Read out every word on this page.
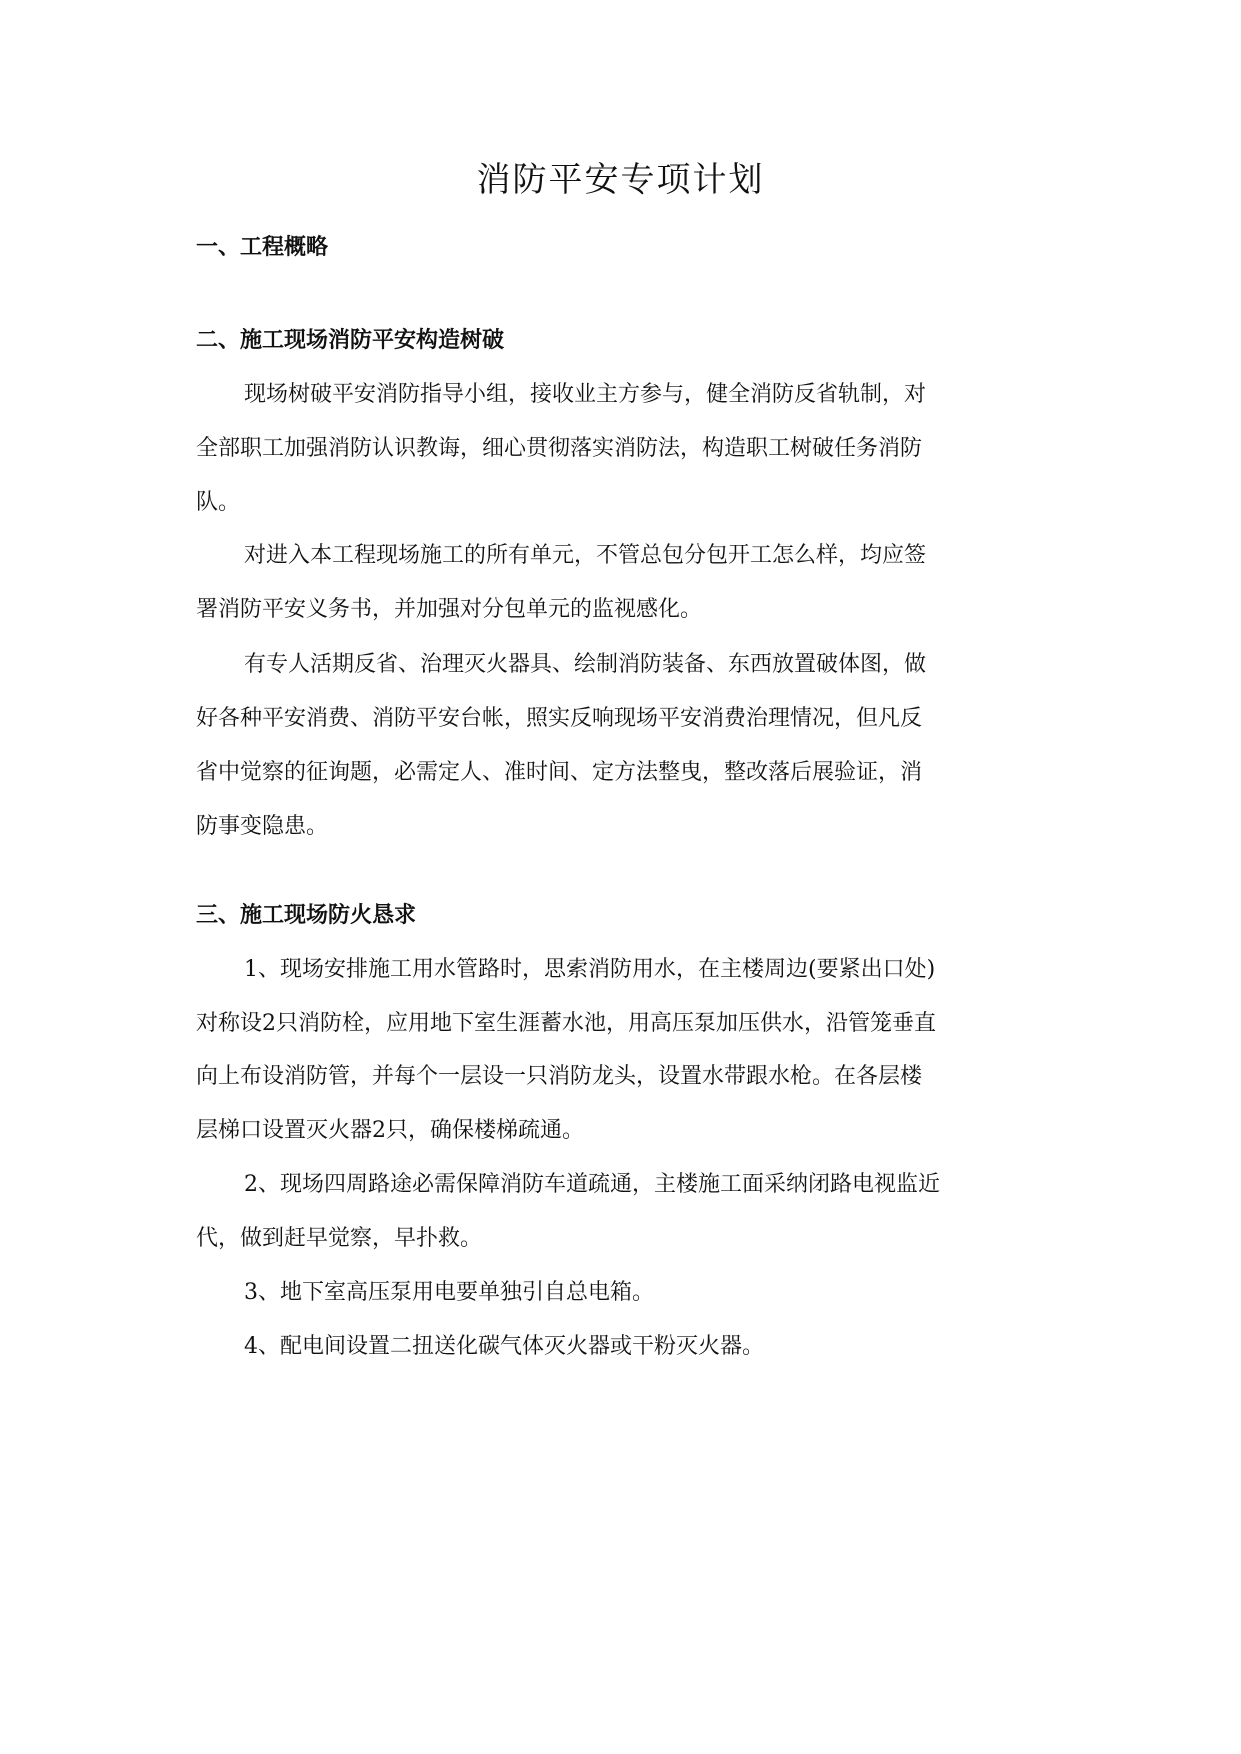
消防平安专项计划
一、工程概略
二、施工现场消防平安构造树破

现场树破平安消防指导小组，接收业主方参与，健全消防反省轨制，对

全部职工加强消防认识教诲，细心贯彻落实消防法，构造职工树破任务消防

队。

对进入本工程现场施工的所有单元，不管总包分包开工怎么样，均应签

署消防平安义务书，并加强对分包单元的监视感化。

有专人活期反省、治理灭火器具、绘制消防装备、东西放置破体图，做

好各种平安消费、消防平安台帐，照实反响现场平安消费治理情况，但凡反

省中觉察的征询题，必需定人、准时间、定方法整曳，整改落后展验证，消

防事变隐患。

三、施工现场防火恳求

1、现场安排施工用水管路时，思索消防用水，在主楼周边(要紧出口处)

对称设2只消防栓，应用地下室生涯蓄水池，用高压泵加压供水，沿管笼垂直

向上布设消防管，并每个一层设一只消防龙头，设置水带跟水枪。在各层楼

层梯口设置灭火器2只，确保楼梯疏通。

2、现场四周路途必需保障消防车道疏通，主楼施工面采纳闭路电视监近

代，做到赶早觉察，早扑救。

3、地下室高压泵用电要单独引自总电箱。

4、配电间设置二扭送化碳气体灭火器或干粉灭火器。
